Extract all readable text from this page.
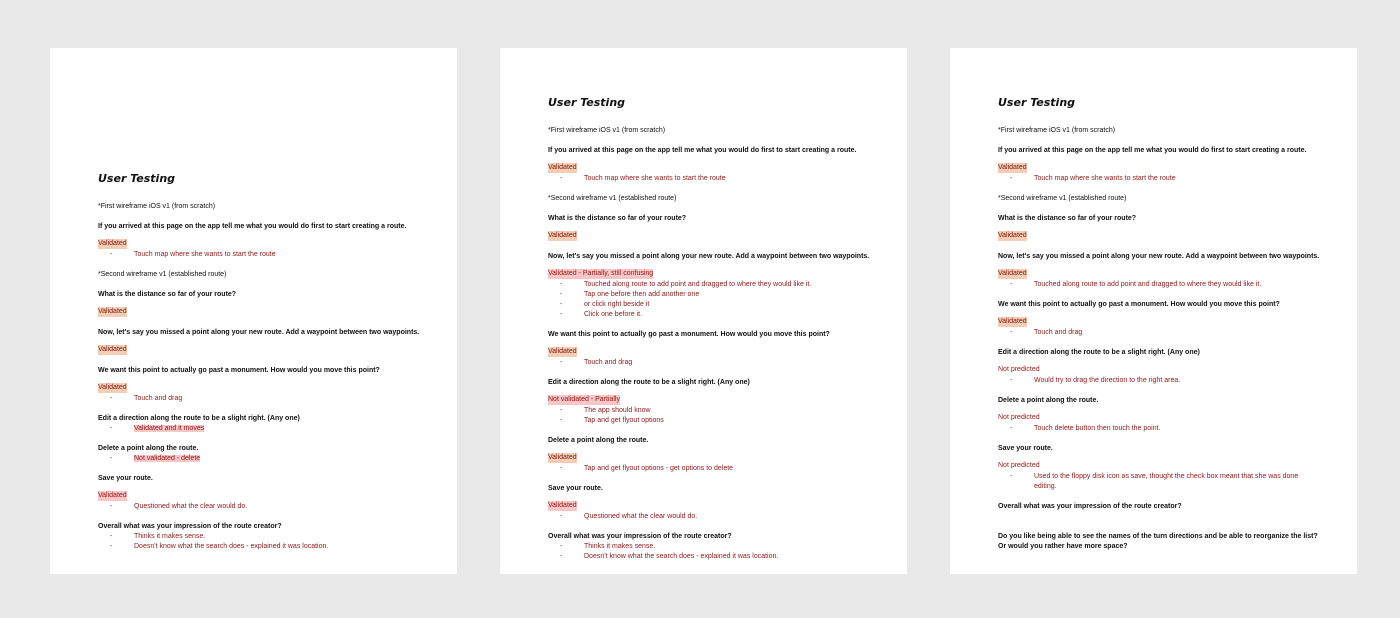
User Testing
*First wireframe iOS v1 (from scratch)
If you arrived at this page on the app tell me what you would do first to start creating a route.
Validated
- Touch map where she wants to start the route
*Second wireframe v1 (established route)
What is the distance so far of your route?
Validated
Now, let's say you missed a point along your new route. Add a waypoint between two waypoints.
Validated
We want this point to actually go past a monument. How would you move this point?
Validated
- Touch and drag
Edit a direction along the route to be a slight right. (Any one)
- Validated and it moves
Delete a point along the route.
- Not validated - delete
Save your route.
Validated
- Questioned what the clear would do.
Overall what was your impression of the route creator?
- Thinks it makes sense.
- Doesn't know what the search does - explained it was location.
User Testing
*First wireframe iOS v1 (from scratch)
If you arrived at this page on the app tell me what you would do first to start creating a route.
Validated
- Touch map where she wants to start the route
*Second wireframe v1 (established route)
What is the distance so far of your route?
Validated
Now, let's say you missed a point along your new route. Add a waypoint between two waypoints.
Validated - Partially, still confusing
- Touched along route to add point and dragged to where they would like it.
- Tap one before then add another one
- or click right beside it
- Click one before it.
We want this point to actually go past a monument. How would you move this point?
Validated
- Touch and drag
Edit a direction along the route to be a slight right. (Any one)
Not validated - Partially
- The app should know
- Tap and get flyout options
Delete a point along the route.
Validated
- Tap and get flyout options - get options to delete
Save your route.
Validated
- Questioned what the clear would do.
Overall what was your impression of the route creator?
- Thinks it makes sense.
- Doesn't know what the search does - explained it was location.
User Testing
*First wireframe iOS v1 (from scratch)
If you arrived at this page on the app tell me what you would do first to start creating a route.
Validated
- Touch map where she wants to start the route
*Second wireframe v1 (established route)
What is the distance so far of your route?
Validated
Now, let's say you missed a point along your new route. Add a waypoint between two waypoints.
Validated
- Touched along route to add point and dragged to where they would like it.
We want this point to actually go past a monument. How would you move this point?
Validated
- Touch and drag
Edit a direction along the route to be a slight right. (Any one)
Not predicted
- Would try to drag the direction to the right area.
Delete a point along the route.
Not predicted
- Touch delete button then touch the point.
Save your route.
Not predicted
- Used to the floppy disk icon as save, thought the check box meant that she was done editing.
Overall what was your impression of the route creator?
Do you like being able to see the names of the turn directions and be able to reorganize the list? Or would you rather have more space?
